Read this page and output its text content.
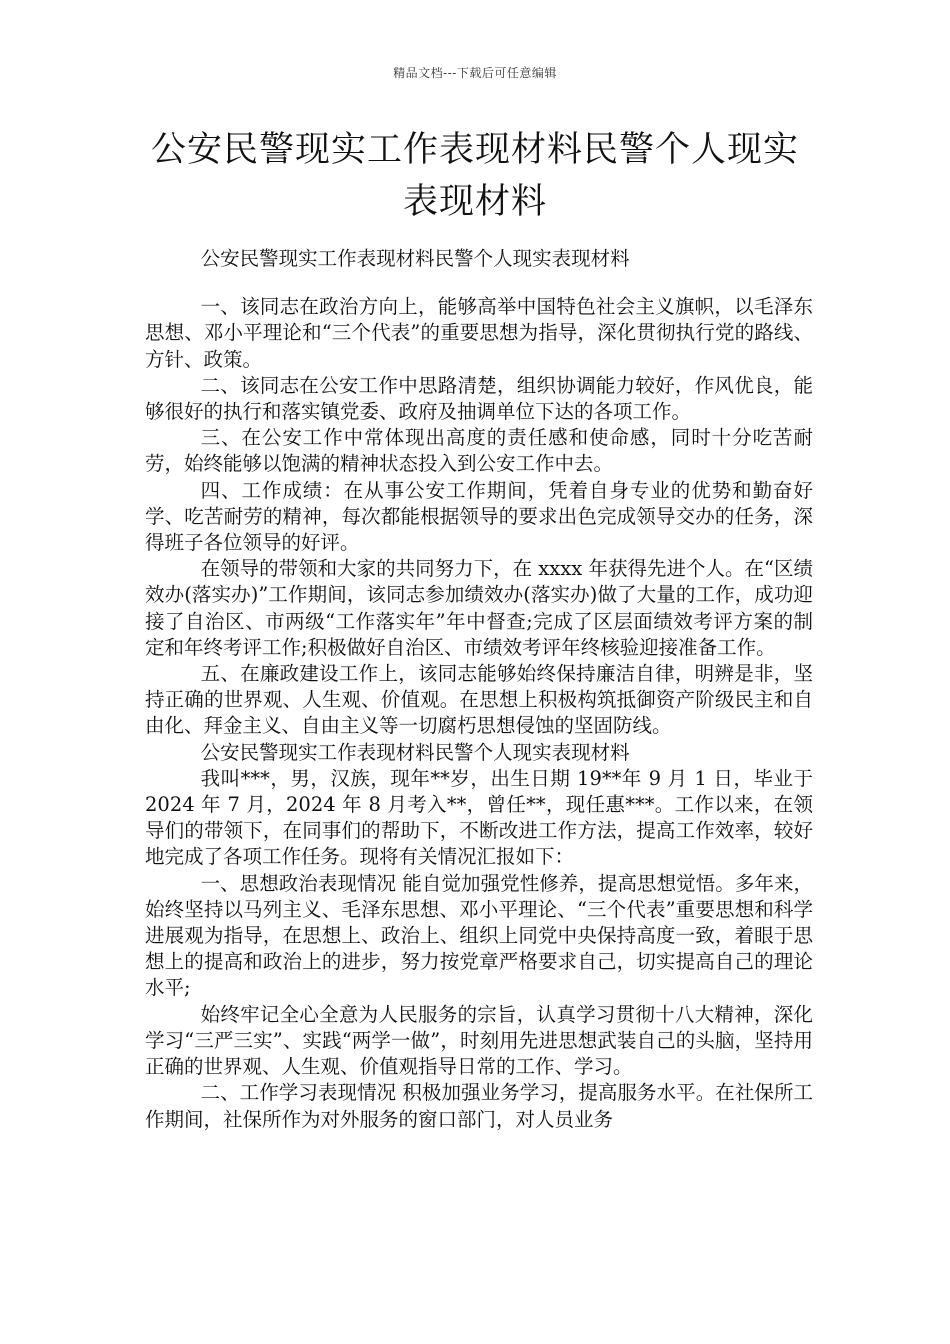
精品文档---下载后可任意编辑
公安民警现实工作表现材料民警个人现实表现材料

公安民警现实工作表现材料民警个人现实表现材料

一、该同志在政治方向上，能够高举中国特色社会主义旗帜，以毛泽东思想、邓小平理论和“三个代表”的重要思想为指导，深化贯彻执行党的路线、方针、政策。

二、该同志在公安工作中思路清楚，组织协调能力较好，作风优良，能够很好的执行和落实镇党委、政府及抽调单位下达的各项工作。

三、在公安工作中常体现出高度的责任感和使命感，同时十分吃苦耐劳，始终能够以饱满的精神状态投入到公安工作中去。

四、工作成绩：在从事公安工作期间，凭着自身专业的优势和勤奋好学、吃苦耐劳的精神，每次都能根据领导的要求出色完成领导交办的任务，深得班子各位领导的好评。

在领导的带领和大家的共同努力下，在 xxxx 年获得先进个人。在“区绩效办(落实办)”工作期间，该同志参加绩效办(落实办)做了大量的工作，成功迎接了自治区、市两级“工作落实年”年中督查;完成了区层面绩效考评方案的制定和年终考评工作;积极做好自治区、市绩效考评年终核验迎接准备工作。

五、在廉政建设工作上，该同志能够始终保持廉洁自律，明辨是非，坚持正确的世界观、人生观、价值观。在思想上积极构筑抵御资产阶级民主和自由化、拜金主义、自由主义等一切腐朽思想侵蚀的坚固防线。

公安民警现实工作表现材料民警个人现实表现材料

我叫***，男，汉族，现年**岁，出生日期 19**年 9 月 1 日，毕业于 2024 年 7 月，2024 年 8 月考入**，曾任**，现任惠***。工作以来，在领导们的带领下，在同事们的帮助下，不断改进工作方法，提高工作效率，较好地完成了各项工作任务。现将有关情况汇报如下：

一、思想政治表现情况 能自觉加强党性修养，提高思想觉悟。多年来，始终坚持以马列主义、毛泽东思想、邓小平理论、“三个代表”重要思想和科学进展观为指导，在思想上、政治上、组织上同党中央保持高度一致，着眼于思想上的提高和政治上的进步，努力按党章严格要求自己，切实提高自己的理论水平;

始终牢记全心全意为人民服务的宗旨，认真学习贯彻十八大精神，深化学习“三严三实”、实践“两学一做”，时刻用先进思想武装自己的头脑，坚持用正确的世界观、人生观、价值观指导日常的工作、学习。

二、工作学习表现情况 积极加强业务学习，提高服务水平。在社保所工作期间，社保所作为对外服务的窗口部门，对人员业务
